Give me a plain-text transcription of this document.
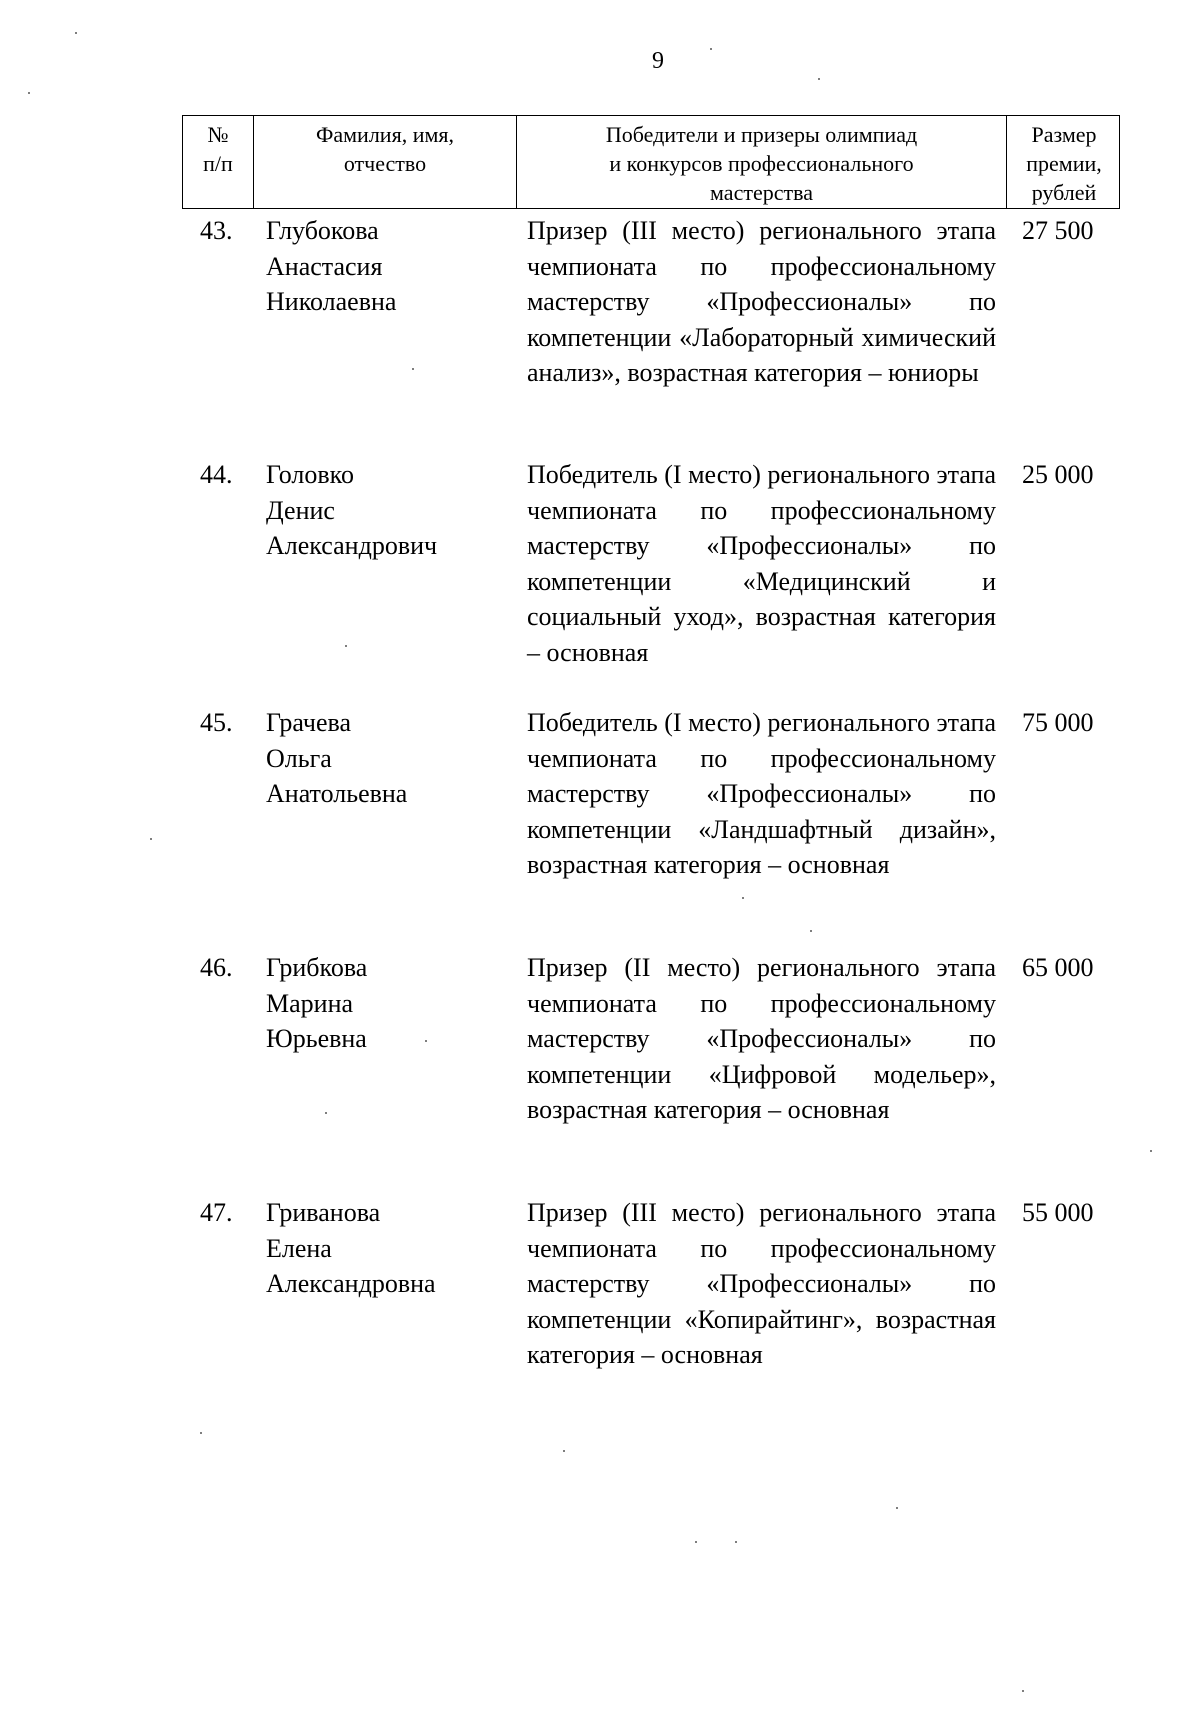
9
№
п/п
Фамилия, имя,
отчество
Победители и призеры олимпиад
и конкурсов профессионального
мастерства
Размер
премии,
рублей
43. Глубокова
Анастасия
Николаевна
Призер (III место) регионального этапа чемпионата по профессиональному мастерству «Профессионалы» по компетенции «Лабораторный химический анализ», возрастная категория – юниоры
27 500
44. Головко
Денис
Александрович
Победитель (I место) регионального этапа чемпионата по профессиональному мастерству «Профессионалы» по компетенции «Медицинский и социальный уход», возрастная категория – основная
25 000
45. Грачева
Ольга
Анатольевна
Победитель (I место) регионального этапа чемпионата по профессиональному мастерству «Профессионалы» по компетенции «Ландшафтный дизайн», возрастная категория – основная
75 000
46. Грибкова
Марина
Юрьевна
Призер (II место) регионального этапа чемпионата по профессиональному мастерству «Профессионалы» по компетенции «Цифровой модельер», возрастная категория – основная
65 000
47. Гриванова
Елена
Александровна
Призер (III место) регионального этапа чемпионата по профессиональному мастерству «Профессионалы» по компетенции «Копирайтинг», возрастная категория – основная
55 000
